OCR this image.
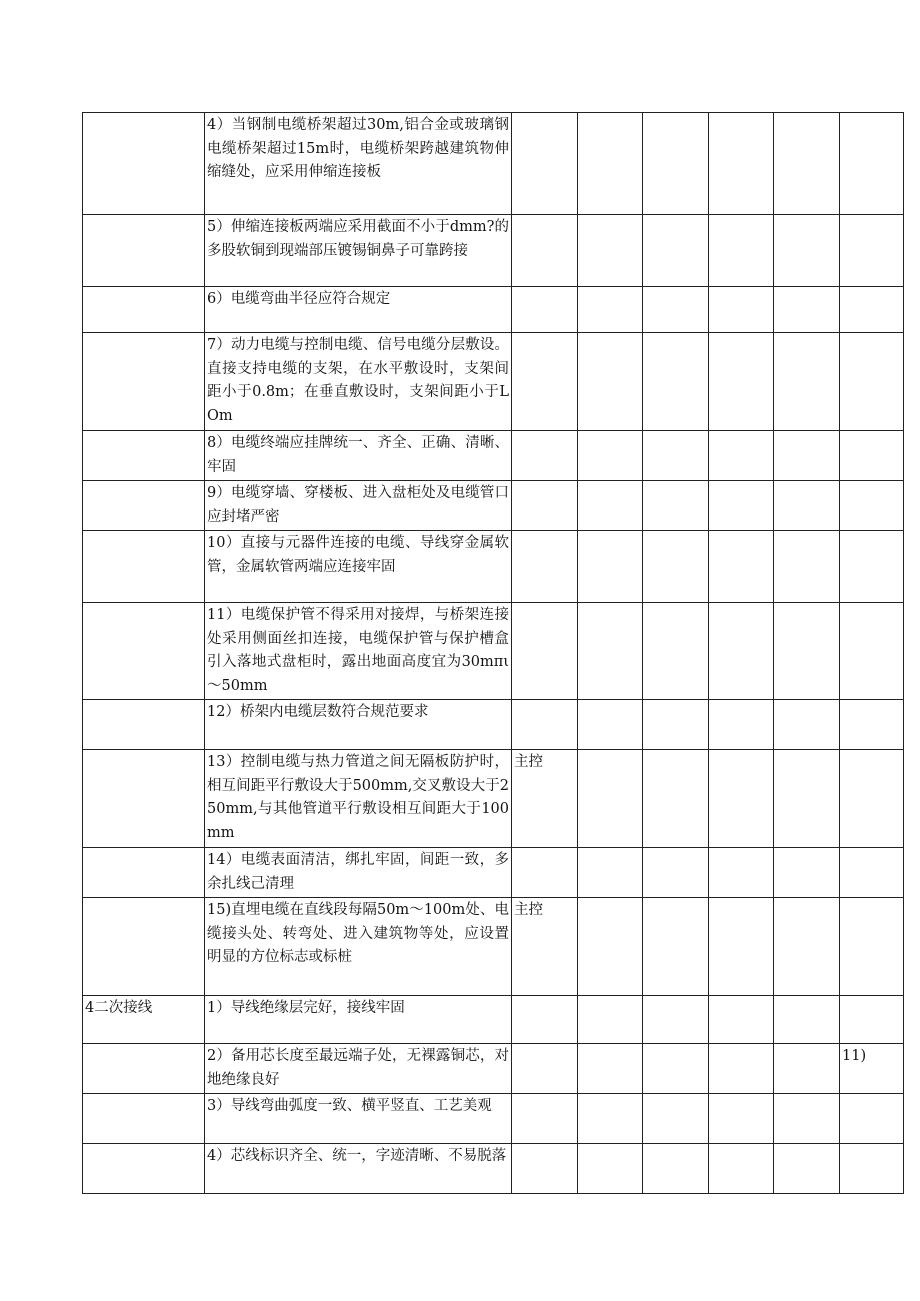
	4）当钢制电缆桥架超过30m,铝合金或玻璃钢电缆桥架超过15m时，电缆桥架跨越建筑物伸缩缝处，应采用伸缩连接板						
	5）伸缩连接板两端应采用截面不小于dmm?的多股软铜到现端部压镀锡铜鼻子可靠跨接						
	6）电缆弯曲半径应符合规定						
	7）动力电缆与控制电缆、信号电缆分层敷设。直接支持电缆的支架，在水平敷设时，支架间距小于0.8m；在垂直敷设时，支架间距小于LOm						
	8）电缆终端应挂牌统一、齐全、正确、清晰、牢固						
	9）电缆穿墙、穿楼板、进入盘柜处及电缆管口应封堵严密						
	10）直接与元器件连接的电缆、导线穿金属软管，金属软管两端应连接牢固						
	11）电缆保护管不得采用对接焊，与桥架连接处采用侧面丝扣连接，电缆保护管与保护槽盒引入落地式盘柜时，露出地面高度宜为30mπι～50mm						
	12）桥架内电缆层数符合规范要求						
	13）控制电缆与热力管道之间无隔板防护时，相互间距平行敷设大于500mm,交叉敷设大于250mm,与其他管道平行敷设相互间距大于100mm	主控					
	14）电缆表面清洁，绑扎牢固，间距一致，多余扎线己清理						
	15)直埋电缆在直线段每隔50m～100m处、电缆接头处、转弯处、进入建筑物等处，应设置明显的方位标志或标桩	主控					
4二次接线	1）导线绝缘层完好，接线牢固						
	2）备用芯长度至最远端子处，无裸露铜芯，对地绝缘良好						11)
	3）导线弯曲弧度一致、横平竖直、工艺美观						
	4）芯线标识齐全、统一，字迹清晰、不易脱落						
